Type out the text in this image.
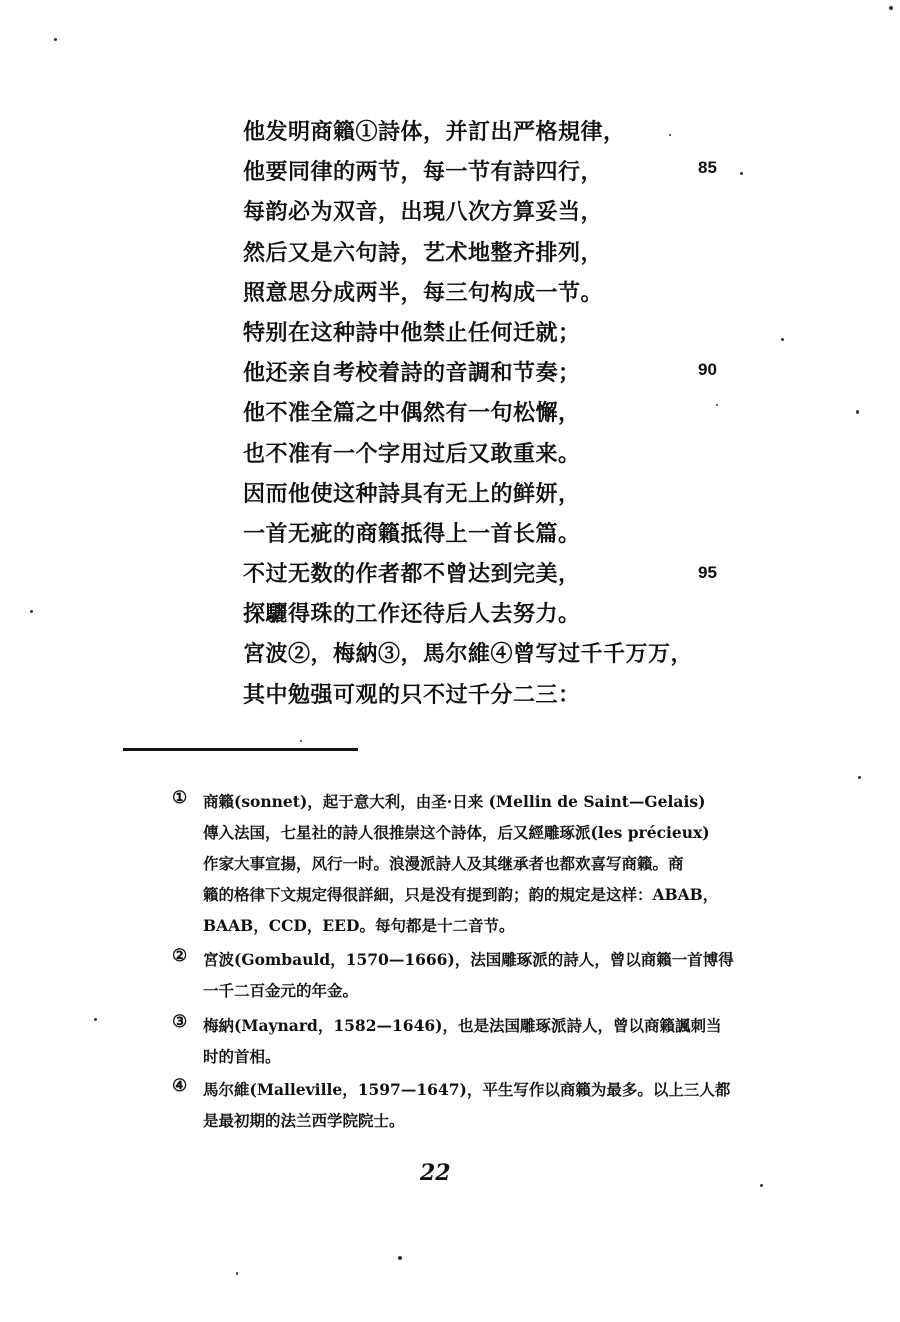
他发明商籟①詩体，并訂出严格規律，
他要同律的两节，每一节有詩四行，
每韵必为双音，出現八次方算妥当，
然后又是六句詩，艺术地整齐排列，
照意思分成两半，每三句构成一节。
特别在这种詩中他禁止任何迁就；
他还亲自考校着詩的音調和节奏；
他不准全篇之中偶然有一句松懈，
也不准有一个字用过后又敢重来。
因而他使这种詩具有无上的鲜妍，
一首无疵的商籟抵得上一首长篇。
不过无数的作者都不曾达到完美，
探驪得珠的工作还待后人去努力。
宮波②，梅納③，馬尔維④曾写过千千万万，
其中勉强可观的只不过千分二三：
85
90
95
① 商籟(sonnet)，起于意大利，由圣·日来 (Mellin de Saint—Gelais)
傳入法国，七星社的詩人很推崇这个詩体，后又經雕琢派(les précieux)
作家大事宣揚，风行一时。浪漫派詩人及其继承者也都欢喜写商籟。商
籟的格律下文規定得很詳細，只是没有提到韵；韵的規定是这样：ABAB，
BAAB，CCD，EED。每句都是十二音节。
② 宮波(Gombauld，1570—1666)，法国雕琢派的詩人，曾以商籟一首博得
一千二百金元的年金。
③ 梅納(Maynard，1582—1646)，也是法国雕琢派詩人，曾以商籟諷刺当
时的首相。
④ 馬尔維(Malleville，1597—1647)，平生写作以商籟为最多。以上三人都
是最初期的法兰西学院院士。
22
